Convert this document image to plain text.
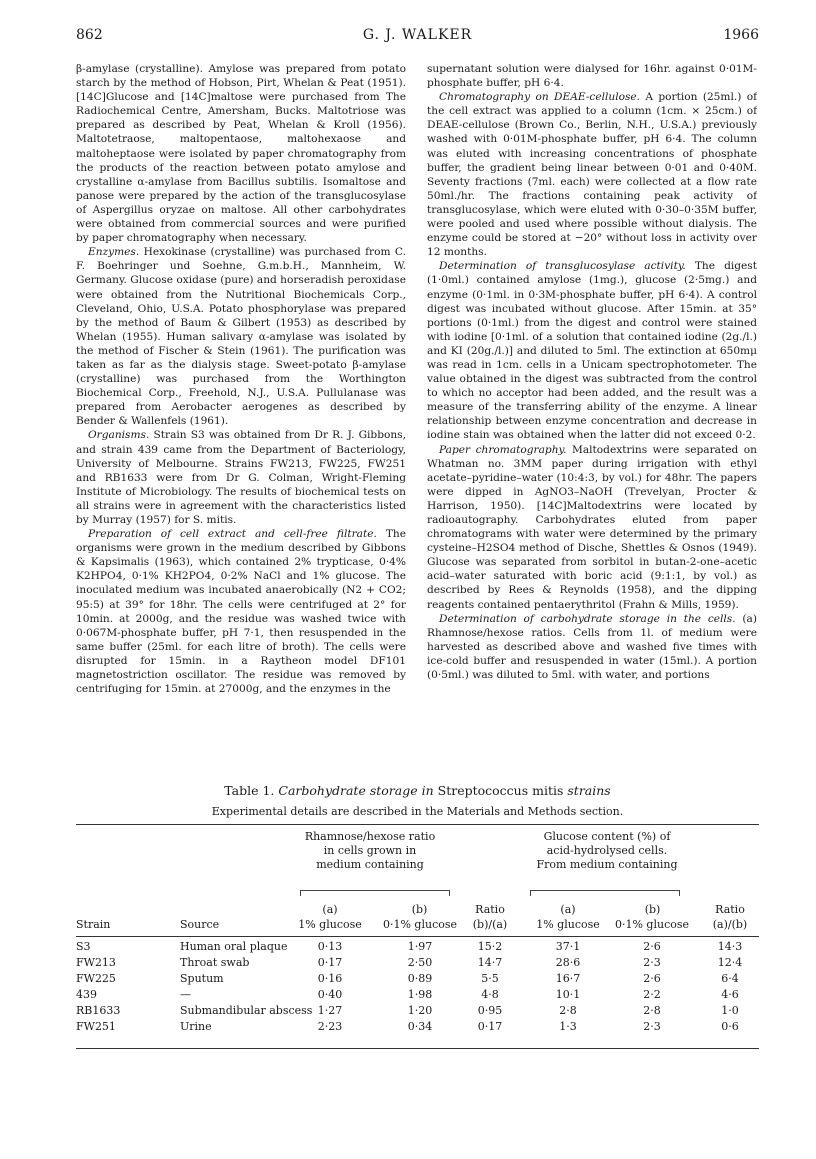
862	G. J. WALKER	1966

β-amylase (crystalline). Amylose was prepared from potato starch by the method of Hobson, Pirt, Whelan & Peat (1951). [14C]Glucose and [14C]maltose were purchased from The Radiochemical Centre, Amersham, Bucks. Maltotriose was prepared as described by Peat, Whelan & Kroll (1956). Maltotetraose, maltopentaose, maltohexaose and maltoheptaose were isolated by paper chromatography from the products of the reaction between potato amylose and crystalline α-amylase from Bacillus subtilis. Isomaltose and panose were prepared by the action of the transglucosylase of Aspergillus oryzae on maltose. All other carbohydrates were obtained from commercial sources and were purified by paper chromatography when necessary.

Enzymes. Hexokinase (crystalline) was purchased from C. F. Boehringer und Soehne, G.m.b.H., Mannheim, W. Germany. Glucose oxidase (pure) and horseradish peroxidase were obtained from the Nutritional Biochemicals Corp., Cleveland, Ohio, U.S.A. Potato phosphorylase was prepared by the method of Baum & Gilbert (1953) as described by Whelan (1955). Human salivary α-amylase was isolated by the method of Fischer & Stein (1961). The purification was taken as far as the dialysis stage. Sweet-potato β-amylase (crystalline) was purchased from the Worthington Biochemical Corp., Freehold, N.J., U.S.A. Pullulanase was prepared from Aerobacter aerogenes as described by Bender & Wallenfels (1961).

Organisms. Strain S3 was obtained from Dr R. J. Gibbons, and strain 439 came from the Department of Bacteriology, University of Melbourne. Strains FW213, FW225, FW251 and RB1633 were from Dr G. Colman, Wright-Fleming Institute of Microbiology. The results of biochemical tests on all strains were in agreement with the characteristics listed by Murray (1957) for S. mitis.

Preparation of cell extract and cell-free filtrate. The organisms were grown in the medium described by Gibbons & Kapsimalis (1963), which contained 2% trypticase, 0·4% K2HPO4, 0·1% KH2PO4, 0·2% NaCl and 1% glucose. The inoculated medium was incubated anaerobically (N2 + CO2; 95:5) at 39° for 18hr. The cells were centrifuged at 2° for 10min. at 2000g, and the residue was washed twice with 0·067M-phosphate buffer, pH 7·1, then resuspended in the same buffer (25ml. for each litre of broth). The cells were disrupted for 15min. in a Raytheon model DF101 magnetostriction oscillator. The residue was removed by centrifuging for 15min. at 27000g, and the enzymes in the

supernatant solution were dialysed for 16hr. against 0·01M-phosphate buffer, pH 6·4.

Chromatography on DEAE-cellulose. A portion (25ml.) of the cell extract was applied to a column (1cm. × 25cm.) of DEAE-cellulose (Brown Co., Berlin, N.H., U.S.A.) previously washed with 0·01M-phosphate buffer, pH 6·4. The column was eluted with increasing concentrations of phosphate buffer, the gradient being linear between 0·01 and 0·40M. Seventy fractions (7ml. each) were collected at a flow rate 50ml./hr. The fractions containing peak activity of transglucosylase, which were eluted with 0·30–0·35M buffer, were pooled and used where possible without dialysis. The enzyme could be stored at −20° without loss in activity over 12 months.

Determination of transglucosylase activity. The digest (1·0ml.) contained amylose (1mg.), glucose (2·5mg.) and enzyme (0·1ml. in 0·3M-phosphate buffer, pH 6·4). A control digest was incubated without glucose. After 15min. at 35° portions (0·1ml.) from the digest and control were stained with iodine [0·1ml. of a solution that contained iodine (2g./l.) and KI (20g./l.)] and diluted to 5ml. The extinction at 650mμ was read in 1cm. cells in a Unicam spectrophotometer. The value obtained in the digest was subtracted from the control to which no acceptor had been added, and the result was a measure of the transferring ability of the enzyme. A linear relationship between enzyme concentration and decrease in iodine stain was obtained when the latter did not exceed 0·2.

Paper chromatography. Maltodextrins were separated on Whatman no. 3MM paper during irrigation with ethyl acetate–pyridine–water (10:4:3, by vol.) for 48hr. The papers were dipped in AgNO3–NaOH (Trevelyan, Procter & Harrison, 1950). [14C]Maltodextrins were located by radioautography. Carbohydrates eluted from paper chromatograms with water were determined by the primary cysteine–H2SO4 method of Dische, Shettles & Osnos (1949). Glucose was separated from sorbitol in butan-2-one–acetic acid–water saturated with boric acid (9:1:1, by vol.) as described by Rees & Reynolds (1958), and the dipping reagents contained pentaerythritol (Frahn & Mills, 1959).

Determination of carbohydrate storage in the cells. (a) Rhamnose/hexose ratios. Cells from 1l. of medium were harvested as described above and washed five times with ice-cold buffer and resuspended in water (15ml.). A portion (0·5ml.) was diluted to 5ml. with water, and portions

Table 1. Carbohydrate storage in Streptococcus mitis strains
Experimental details are described in the Materials and Methods section.
Rhamnose/hexose ratio in cells grown in medium containing
Glucose content (%) of acid-hydrolysed cells. From medium containing
(a)	(b)	Ratio	(a)	(b)	Ratio
Strain	Source	1% glucose	0·1% glucose	(b)/(a)	1% glucose	0·1% glucose	(a)/(b)
S3	Human oral plaque	0·13	1·97	15·2	37·1	2·6	14·3
FW213	Throat swab	0·17	2·50	14·7	28·6	2·3	12·4
FW225	Sputum	0·16	0·89	5·5	16·7	2·6	6·4
439	—	0·40	1·98	4·8	10·1	2·2	4·6
RB1633	Submandibular abscess 1·27	1·20	0·95	2·8	2·8	1·0
FW251	Urine	2·23	0·34	0·17	1·3	2·3	0·6
